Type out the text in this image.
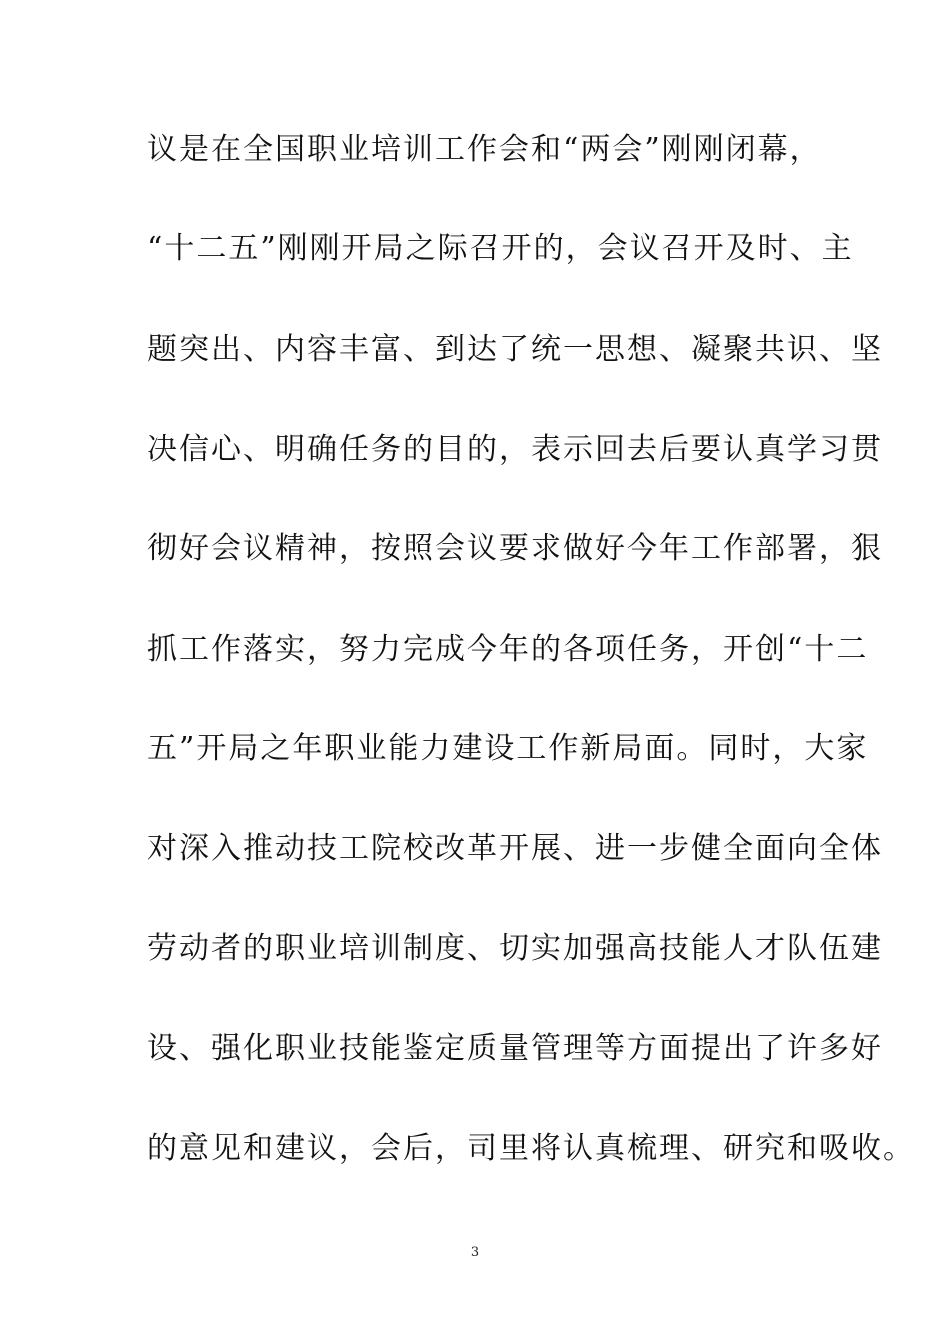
议是在全国职业培训工作会和“两会”刚刚闭幕，
“十二五”刚刚开局之际召开的，会议召开及时、主
题突出、内容丰富、到达了统一思想、凝聚共识、坚
决信心、明确任务的目的，表示回去后要认真学习贯
彻好会议精神，按照会议要求做好今年工作部署，狠
抓工作落实，努力完成今年的各项任务，开创“十二
五”开局之年职业能力建设工作新局面。同时，大家
对深入推动技工院校改革开展、进一步健全面向全体
劳动者的职业培训制度、切实加强高技能人才队伍建
设、强化职业技能鉴定质量管理等方面提出了许多好
的意见和建议，会后，司里将认真梳理、研究和吸收。
3
